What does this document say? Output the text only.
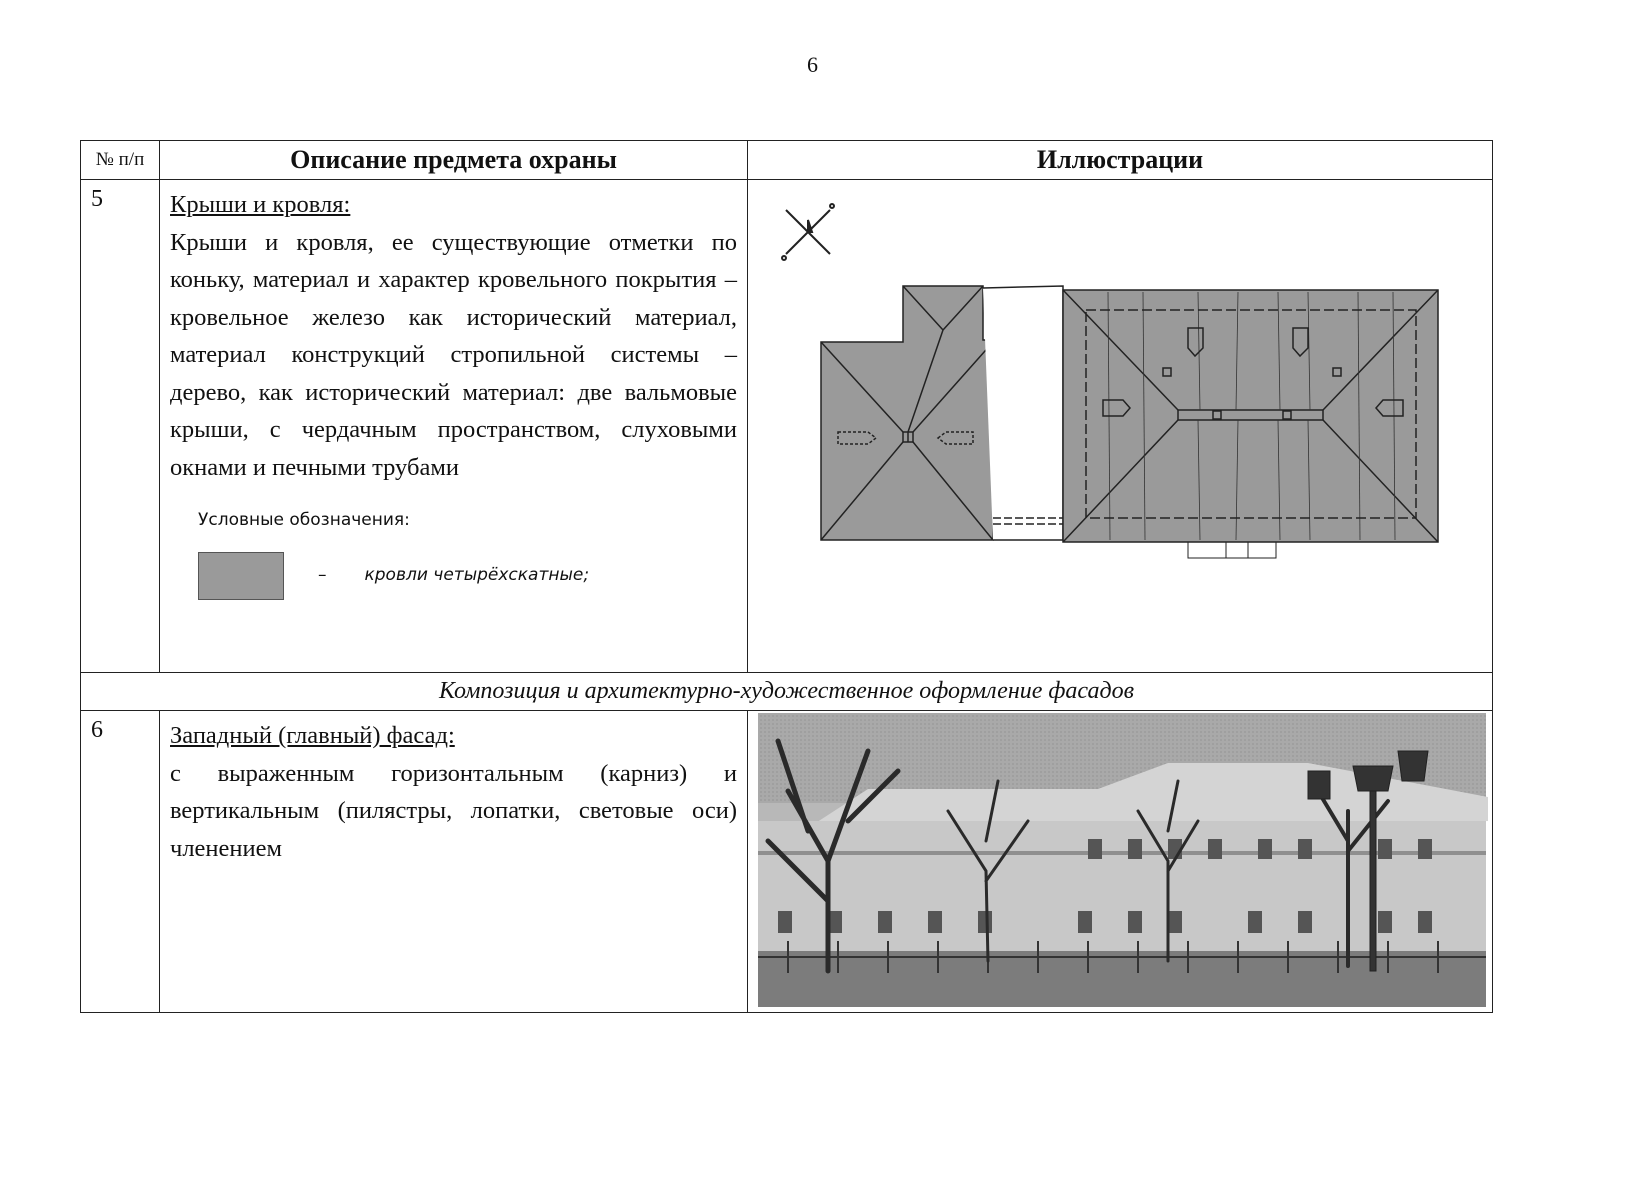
6
№ п/п	Описание предмета охраны	Иллюстрации
5	Крыши и кровля:
Крыши и кровля, ее существующие отметки по коньку, материал и характер кровельного покрытия – кровельное железо как исторический материал, материал конструкций стропильной системы – дерево, как исторический материал: две вальмовые крыши, с чердачным пространством, слуховыми окнами и печными трубами
Условные обозначения:
– кровли четырёхскатные;

Композиция и архитектурно-художественное оформление фасадов		
6	Западный (главный) фасад:
с выраженным горизонтальным (карниз) и вертикальным (пилястры, лопатки, световые оси) членением
